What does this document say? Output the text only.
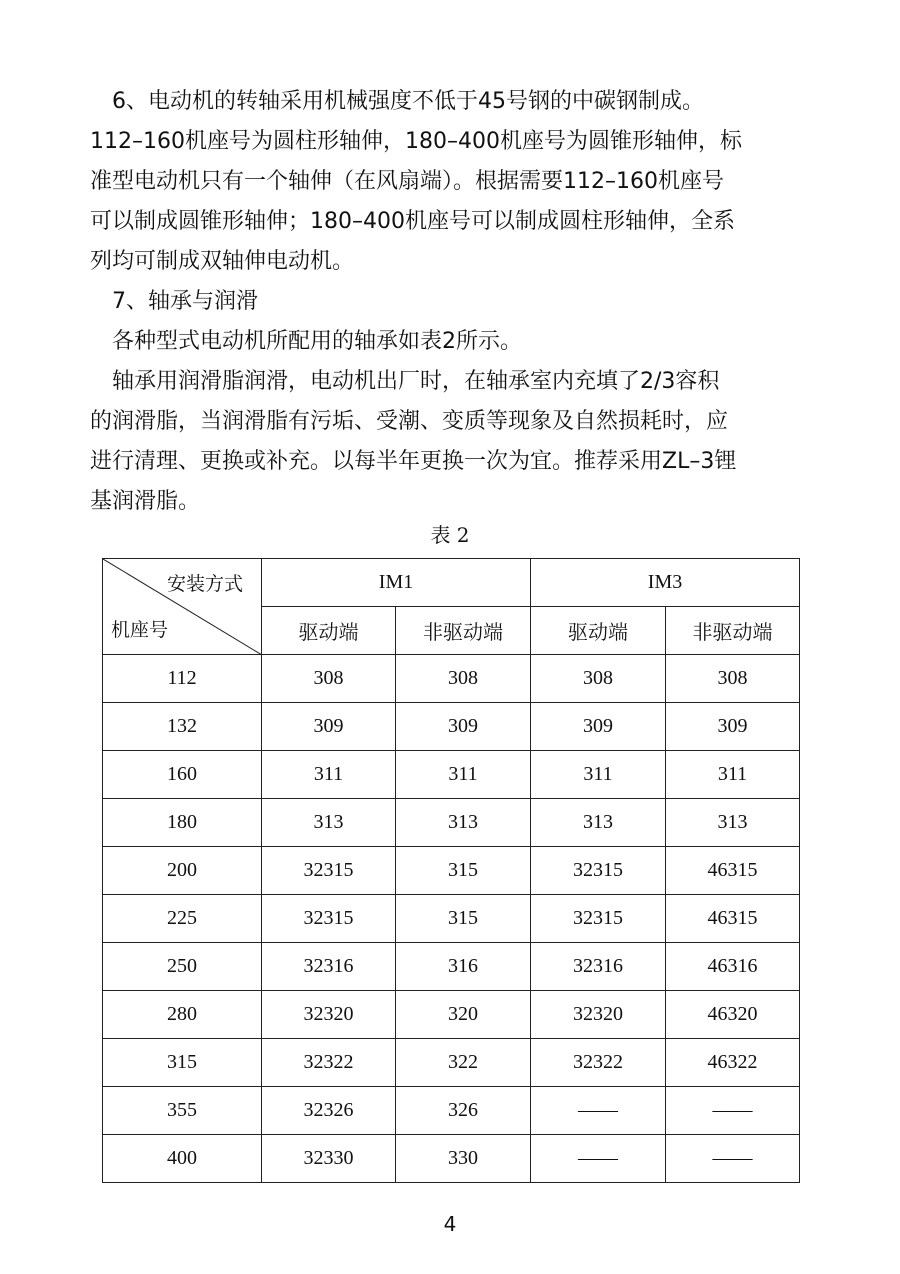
　6、电动机的转轴采用机械强度不低于45号钢的中碳钢制成。
112–160机座号为圆柱形轴伸，180–400机座号为圆锥形轴伸，标
准型电动机只有一个轴伸（在风扇端）。根据需要112–160机座号
可以制成圆锥形轴伸；180–400机座号可以制成圆柱形轴伸，全系
列均可制成双轴伸电动机。
　7、轴承与润滑
　各种型式电动机所配用的轴承如表2所示。
　轴承用润滑脂润滑，电动机出厂时，在轴承室内充填了2/3容积
的润滑脂，当润滑脂有污垢、受潮、变质等现象及自然损耗时，应
进行清理、更换或补充。以每半年更换一次为宜。推荐采用ZL–3锂
基润滑脂。
表 2
安装方式
机座号	IM1		IM3	
	驱动端	非驱动端	驱动端	非驱动端
112	308	308	308	308
132	309	309	309	309
160	311	311	311	311
180	313	313	313	313
200	32315	315	32315	46315
225	32315	315	32315	46315
250	32316	316	32316	46316
280	32320	320	32320	46320
315	32322	322	32322	46322
355	32326	326	——	——
400	32330	330	——	——
4
